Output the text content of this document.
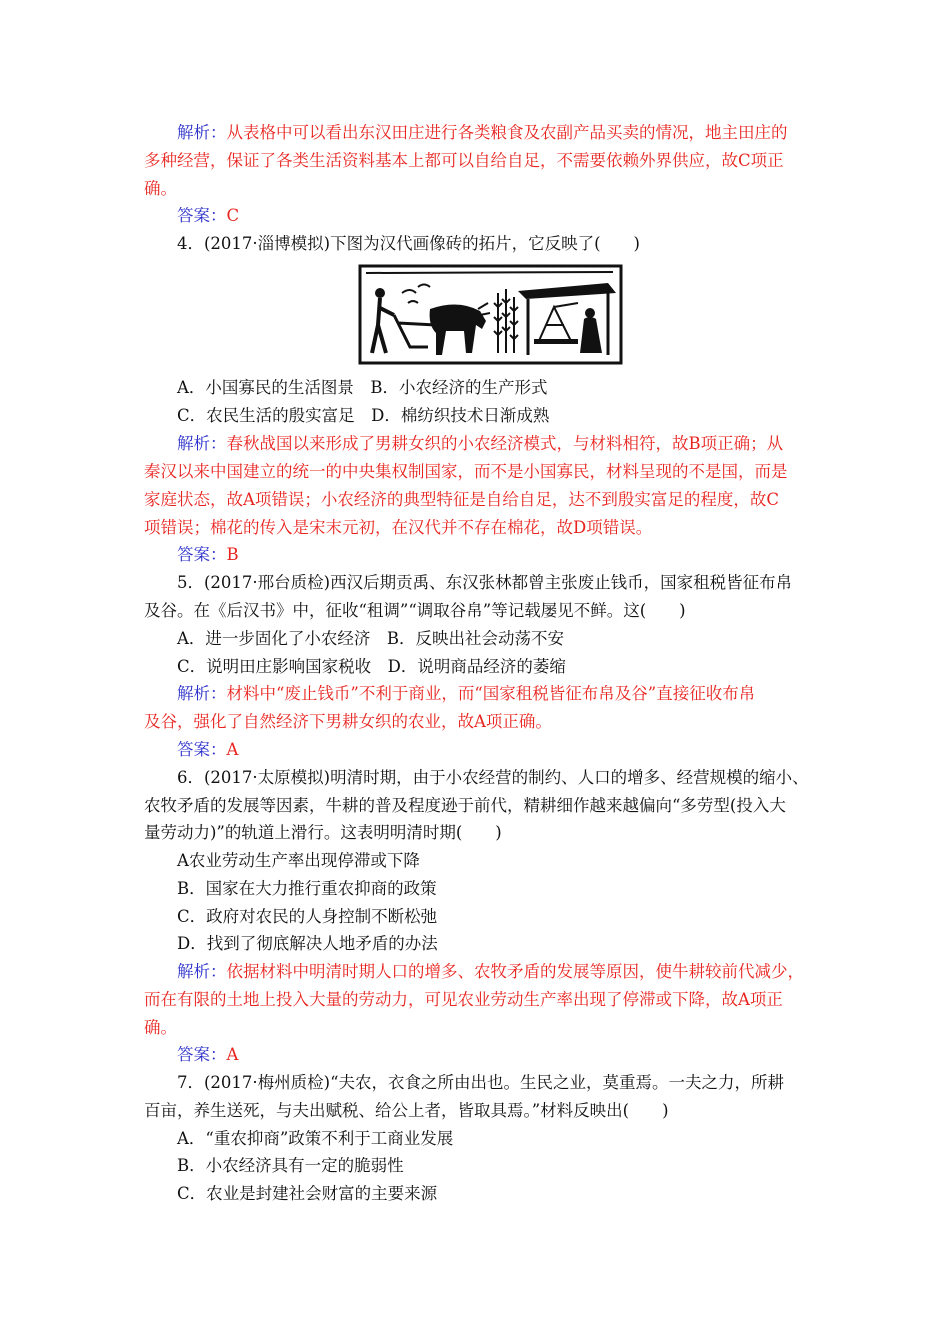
解析：从表格中可以看出东汉田庄进行各类粮食及农副产品买卖的情况，地主田庄的
多种经营，保证了各类生活资料基本上都可以自给自足，不需要依赖外界供应，故C项正
确。
答案：C
4．(2017·淄博模拟)下图为汉代画像砖的拓片，它反映了(　　)
A．小国寡民的生活图景　B．小农经济的生产形式
C．农民生活的殷实富足　D．棉纺织技术日渐成熟
解析：春秋战国以来形成了男耕女织的小农经济模式，与材料相符，故B项正确；从
秦汉以来中国建立的统一的中央集权制国家，而不是小国寡民，材料呈现的不是国，而是
家庭状态，故A项错误；小农经济的典型特征是自给自足，达不到殷实富足的程度，故C
项错误；棉花的传入是宋末元初，在汉代并不存在棉花，故D项错误。
答案：B
5．(2017·邢台质检)西汉后期贡禹、东汉张林都曾主张废止钱币，国家租税皆征布帛
及谷。在《后汉书》中，征收“租调”“调取谷帛”等记载屡见不鲜。这(　　)
A．进一步固化了小农经济　B．反映出社会动荡不安
C．说明田庄影响国家税收　D．说明商品经济的萎缩
解析：材料中“废止钱币”不利于商业，而“国家租税皆征布帛及谷”直接征收布帛
及谷，强化了自然经济下男耕女织的农业，故A项正确。
答案：A
6．(2017·太原模拟)明清时期，由于小农经营的制约、人口的增多、经营规模的缩小、
农牧矛盾的发展等因素，牛耕的普及程度逊于前代，精耕细作越来越偏向“多劳型(投入大
量劳动力)”的轨道上滑行。这表明明清时期(　　)
A农业劳动生产率出现停滞或下降
B．国家在大力推行重农抑商的政策
C．政府对农民的人身控制不断松弛
D．找到了彻底解决人地矛盾的办法
解析：依据材料中明清时期人口的增多、农牧矛盾的发展等原因，使牛耕较前代减少，
而在有限的土地上投入大量的劳动力，可见农业劳动生产率出现了停滞或下降，故A项正
确。
答案：A
7．(2017·梅州质检)“夫农，衣食之所由出也。生民之业，莫重焉。一夫之力，所耕
百亩，养生送死，与夫出赋税、给公上者，皆取具焉。”材料反映出(　　)
A．“重农抑商”政策不利于工商业发展
B．小农经济具有一定的脆弱性
C．农业是封建社会财富的主要来源
